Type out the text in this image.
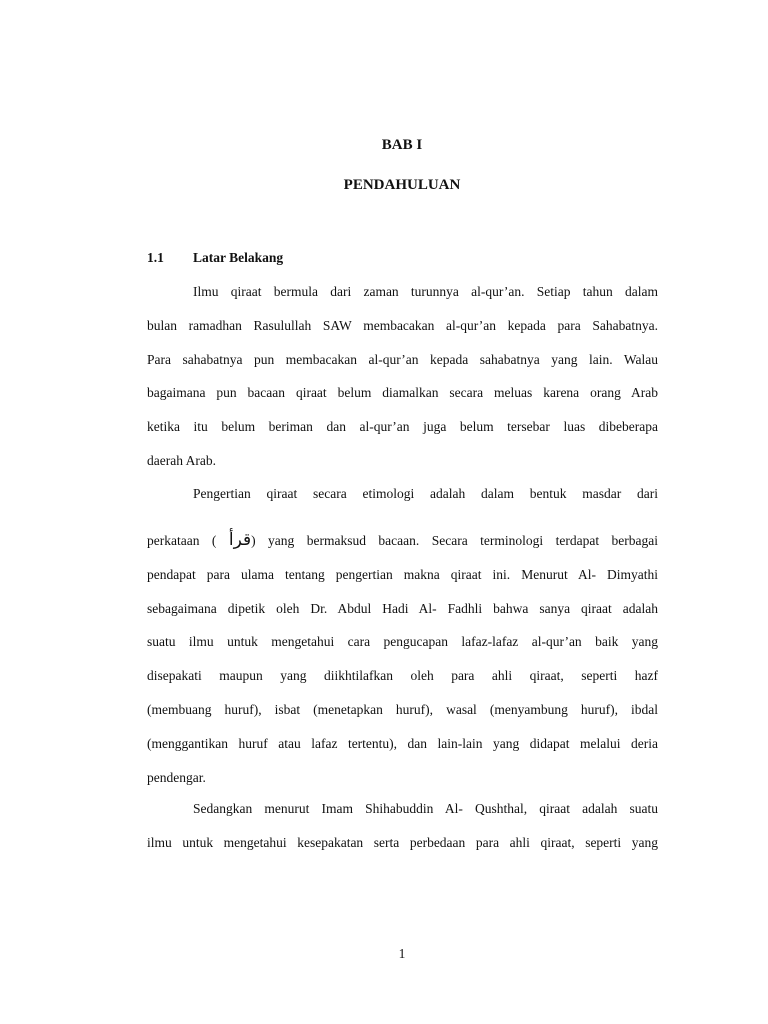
BAB I
PENDAHULUAN
1.1 Latar Belakang
Ilmu qiraat bermula dari zaman turunnya al-qur’an. Setiap tahun dalam
bulan ramadhan Rasulullah SAW membacakan al-qur’an kepada para Sahabatnya.
Para sahabatnya pun membacakan al-qur’an kepada sahabatnya yang lain. Walau
bagaimana pun bacaan qiraat belum diamalkan secara meluas karena orang Arab
ketika itu belum beriman dan al-qur’an juga belum tersebar luas dibeberapa
daerah Arab.
Pengertian qiraat secara etimologi adalah dalam bentuk masdar dari
perkataan ( قرأ) yang bermaksud bacaan. Secara terminologi terdapat berbagai
pendapat para ulama tentang pengertian makna qiraat ini. Menurut Al- Dimyathi
sebagaimana dipetik oleh Dr. Abdul Hadi Al- Fadhli bahwa sanya qiraat adalah
suatu ilmu untuk mengetahui cara pengucapan lafaz-lafaz al-qur’an baik yang
disepakati maupun yang diikhtilafkan oleh para ahli qiraat, seperti hazf
(membuang huruf), isbat (menetapkan huruf), wasal (menyambung huruf), ibdal
(menggantikan huruf atau lafaz tertentu), dan lain-lain yang didapat melalui deria
pendengar.
Sedangkan menurut Imam Shihabuddin Al- Qushthal, qiraat adalah suatu
ilmu untuk mengetahui kesepakatan serta perbedaan para ahli qiraat, seperti yang
1
